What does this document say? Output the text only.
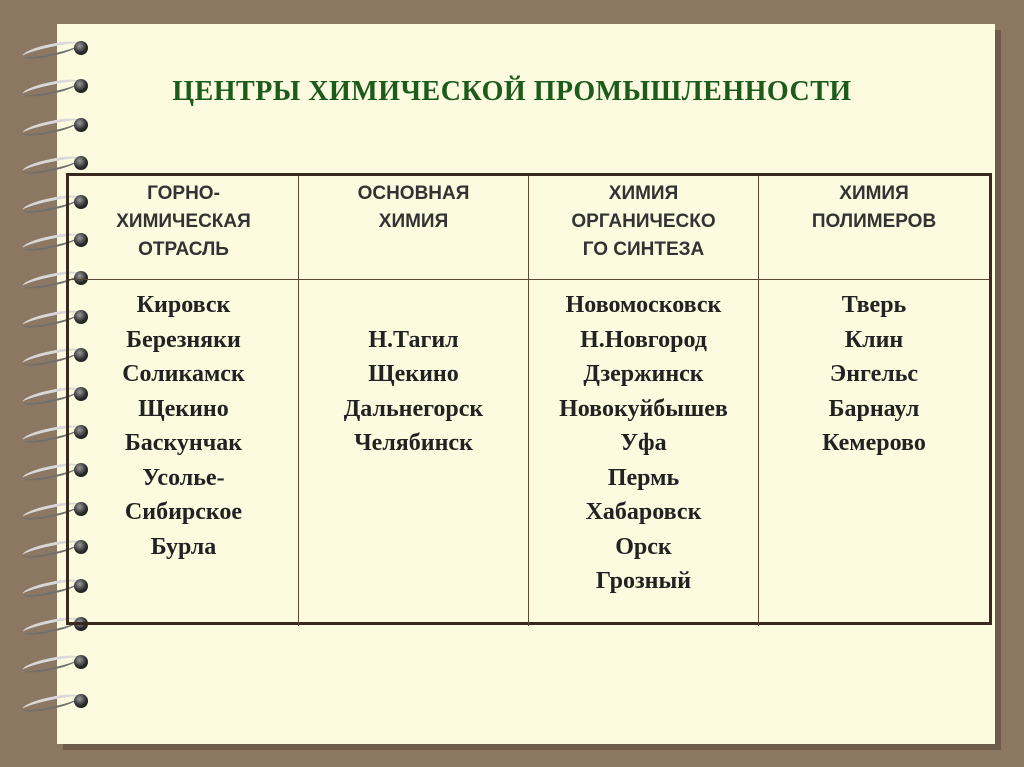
ЦЕНТРЫ ХИМИЧЕСКОЙ ПРОМЫШЛЕННОСТИ
ГОРНО-
ХИМИЧЕСКАЯ
ОТРАСЛЬ
ОСНОВНАЯ
ХИМИЯ
ХИМИЯ
ОРГАНИЧЕСКО
ГО СИНТЕЗА
ХИМИЯ
ПОЛИМЕРОВ
Кировск
Березняки
Соликамск
Щекино
Баскунчак
Усолье-
Сибирское
Бурла

Н.Тагил
Щекино
Дальнегорск
Челябинск
Новомосковск
Н.Новгород
Дзержинск
Новокуйбышев
Уфа
Пермь
Хабаровск
Орск
Грозный
Тверь
Клин
Энгельс
Барнаул
Кемерово
